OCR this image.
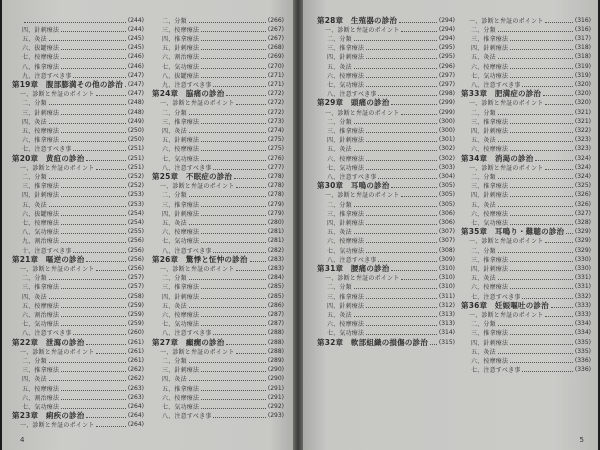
(244)
四、針刺療法	(244)
五、灸法	(245)
六、拔罐療法	(245)
七、按摩療法	(246)
八、推拿療法	(246)
九、注意すべき事	(247)
第19章　腹部膨満その他の診治 (247)
一、診断と弁証のポイント	(247)
二、分類	(248)
三、針刺療法	(248)
四、灸法	(249)
五、按摩療法	(250)
六、推拿療法	(250)
七、注意すべき事	(251)
第20章　黄疸の診治	(251)
一、診断と弁証のポイント	(251)
二、分類	(252)
三、推拿療法	(252)
四、針刺療法	(253)
五、灸法	(253)
六、拔罐療法	(254)
七、按摩療法	(254)
八、気功療法	(255)
九、割治療法	(256)
十、注意すべき事	(256)
第21章　嘔逆の診治	(256)
一、診断と弁証のポイント	(256)
二、分類	(257)
三、推拿療法	(257)
四、灸法	(258)
五、按摩療法	(259)
六、割治療法	(259)
七、気功療法	(259)
八、注意すべき事	(260)
第22章　泄瀉の診治	(261)
一、診断と弁証のポイント	(261)
二、分類	(261)
三、推拿療法	(262)
四、灸法	(262)
五、按摩療法	(263)
六、割治療法	(263)
七、気功療法	(264)
第23章　痢疾の診治	(264)
一、診断と弁証のポイント	(264)
二、分類	(266)
三、按摩療法	(267)
四、推拿療法	(267)
五、針刺療法	(268)
六、割治療法	(269)
七、気功療法	(270)
八、拔罐療法	(271)
九、注意すべき事	(271)
第24章　脇痛の診治	(272)
一、診断と弁証のポイント	(272)
二、分類	(272)
三、推拿療法	(273)
四、灸法	(274)
五、針刺療法	(275)
六、按摩療法	(275)
七、気功療法	(276)
八、注意すべき事	(277)
第25章　不眠症の診治	(278)
一、診断と弁証のポイント	(278)
二、分類	(278)
三、推拿療法	(279)
四、針刺療法	(279)
五、灸法	(280)
六、按摩療法	(281)
七、気功療法	(281)
八、注意すべき事	(282)
第26章　驚悸と怔忡の診治	(283)
一、診断と弁証のポイント	(283)
二、分類	(284)
三、推拿療法	(285)
四、針刺療法	(285)
五、灸法	(286)
六、按摩療法	(287)
七、気功療法	(287)
八、注意すべき事	(288)
第27章　癲癇の診治	(288)
一、診断と弁証のポイント	(288)
二、分類	(289)
三、針刺療法	(290)
四、灸法	(290)
五、推拿療法	(291)
六、按摩療法	(291)
七、気功療法	(292)
八、注意すべき事	(293)
4
第28章　生殖器の診治	(294)
一、診断と弁証のポイント	(294)
二、分類	(294)
三、推拿療法	(295)
四、針刺療法	(295)
五、灸法	(296)
六、按摩療法	(297)
七、気功療法	(297)
八、注意すべき事	(298)
第29章　頭痛の診治	(299)
一、診断と弁証のポイント	(299)
二、分類	(300)
三、推拿療法	(300)
四、針刺療法	(301)
五、灸法	(302)
六、按摩療法	(302)
七、気功療法	(303)
八、注意すべき事	(304)
第30章　耳鳴の診治	(305)
一、診断と弁証のポイント	(305)
二、分類	(305)
三、推拿療法	(306)
四、針刺療法	(306)
五、灸法	(307)
六、按摩療法	(307)
七、気功療法	(308)
八、注意すべき事	(309)
第31章　腰痛の診治	(310)
一、診断と弁証のポイント	(310)
二、分類	(310)
三、推拿療法	(311)
四、針刺療法	(312)
五、灸法	(313)
六、按摩療法	(313)
七、気功療法	(314)
第32章　軟部組織の損傷の診治 (315)
一、診断と弁証のポイント	(316)
二、分類	(316)
三、推拿療法	(317)
四、針刺療法	(318)
五、灸法	(318)
六、按摩療法	(319)
七、気功療法	(319)
八、注意すべき事	(320)
第33章　肥満症の診治	(320)
一、診断と弁証のポイント	(320)
二、分類	(321)
三、推拿療法	(321)
四、針刺療法	(322)
五、灸法	(323)
六、按摩療法	(323)
第34章　消渇の診治	(324)
一、診断と弁証のポイント	(324)
二、分類	(324)
三、推拿療法	(325)
四、針刺療法	(326)
五、灸法	(326)
六、按摩療法	(327)
七、気功療法	(328)
第35章　耳鳴り・難聴の診治 (329)
一、診断と弁証のポイント	(329)
二、分類	(329)
三、推拿療法	(330)
四、針刺療法	(330)
五、灸法	(331)
六、按摩療法	(331)
七、注意すべき事	(332)
第36章　妊娠嘔吐の診治	(333)
一、診断と弁証のポイント	(333)
二、分類	(334)
三、推拿療法	(334)
四、針刺療法	(335)
五、灸法	(335)
六、按摩療法	(336)
七、注意すべき事	(336)
5
